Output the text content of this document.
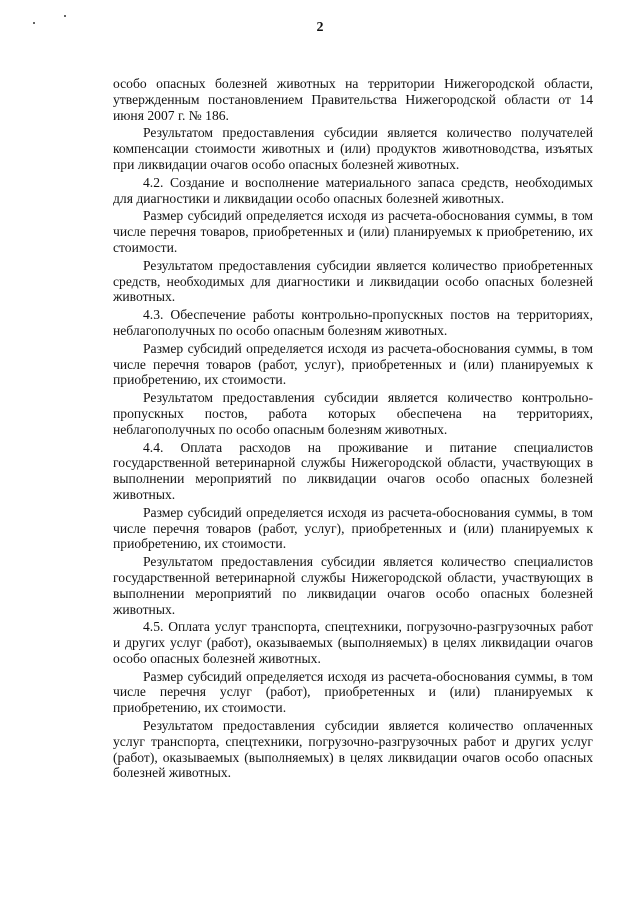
2

особо опасных болезней животных на территории Нижегородской области, утвержденным постановлением Правительства Нижегородской области от 14 июня 2007 г. № 186.

Результатом предоставления субсидии является количество получателей компенсации стоимости животных и (или) продуктов животноводства, изъятых при ликвидации очагов особо опасных болезней животных.

4.2. Создание и восполнение материального запаса средств, необходимых для диагностики и ликвидации особо опасных болезней животных.

Размер субсидий определяется исходя из расчета-обоснования суммы, в том числе перечня товаров, приобретенных и (или) планируемых к приобретению, их стоимости.

Результатом предоставления субсидии является количество приобретенных средств, необходимых для диагностики и ликвидации особо опасных болезней животных.

4.3. Обеспечение работы контрольно-пропускных постов на территориях, неблагополучных по особо опасным болезням животных.

Размер субсидий определяется исходя из расчета-обоснования суммы, в том числе перечня товаров (работ, услуг), приобретенных и (или) планируемых к приобретению, их стоимости.

Результатом предоставления субсидии является количество контрольно-пропускных постов, работа которых обеспечена на территориях, неблагополучных по особо опасным болезням животных.

4.4. Оплата расходов на проживание и питание специалистов государственной ветеринарной службы Нижегородской области, участвующих в выполнении мероприятий по ликвидации очагов особо опасных болезней животных.

Размер субсидий определяется исходя из расчета-обоснования суммы, в том числе перечня товаров (работ, услуг), приобретенных и (или) планируемых к приобретению, их стоимости.

Результатом предоставления субсидии является количество специалистов государственной ветеринарной службы Нижегородской области, участвующих в выполнении мероприятий по ликвидации очагов особо опасных болезней животных.

4.5. Оплата услуг транспорта, спецтехники, погрузочно-разгрузочных работ и других услуг (работ), оказываемых (выполняемых) в целях ликвидации очагов особо опасных болезней животных.

Размер субсидий определяется исходя из расчета-обоснования суммы, в том числе перечня услуг (работ), приобретенных и (или) планируемых к приобретению, их стоимости.

Результатом предоставления субсидии является количество оплаченных услуг транспорта, спецтехники, погрузочно-разгрузочных работ и других услуг (работ), оказываемых (выполняемых) в целях ликвидации очагов особо опасных болезней животных.
